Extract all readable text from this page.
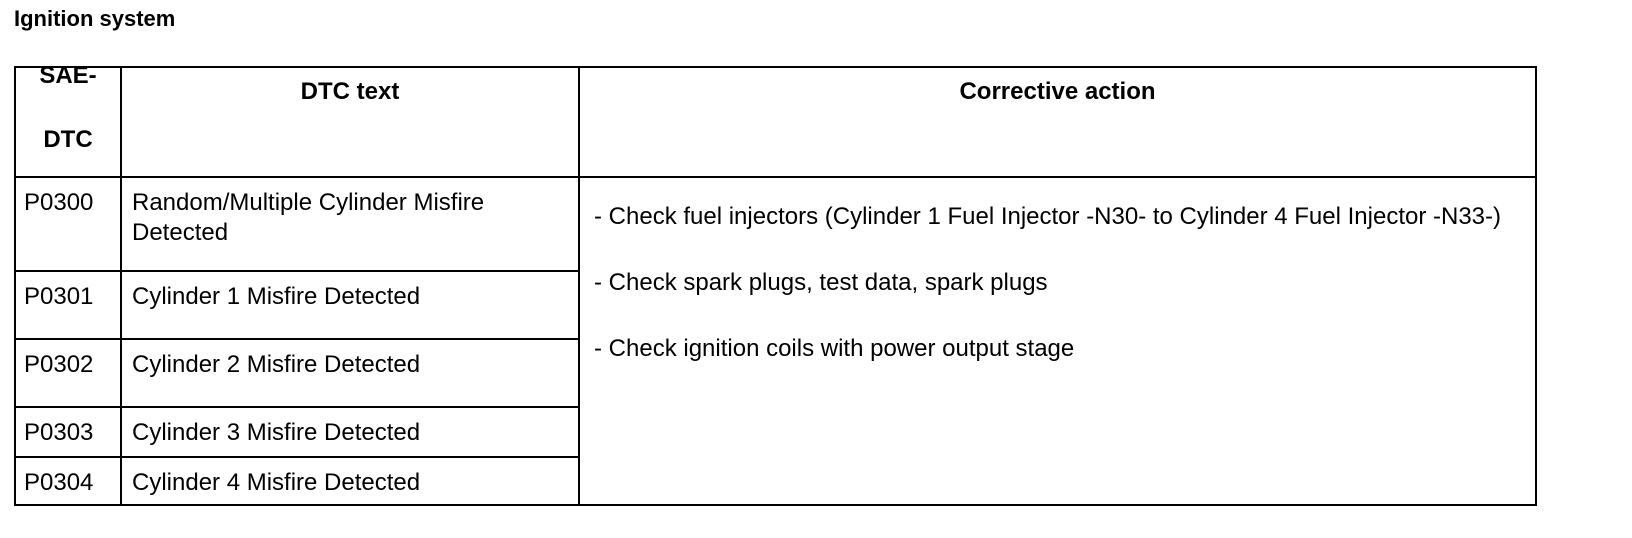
Ignition system
SAE-
DTC	DTC text	Corrective action

P0300	Random/Multiple Cylinder Misfire Detected	- Check fuel injectors (Cylinder 1 Fuel Injector -N30- to Cylinder 4 Fuel Injector -N33-)
- Check spark plugs, test data, spark plugs
- Check ignition coils with power output stage

P0301	Cylinder 1 Misfire Detected	
P0302	Cylinder 2 Misfire Detected	
P0303	Cylinder 3 Misfire Detected	
P0304	Cylinder 4 Misfire Detected	
